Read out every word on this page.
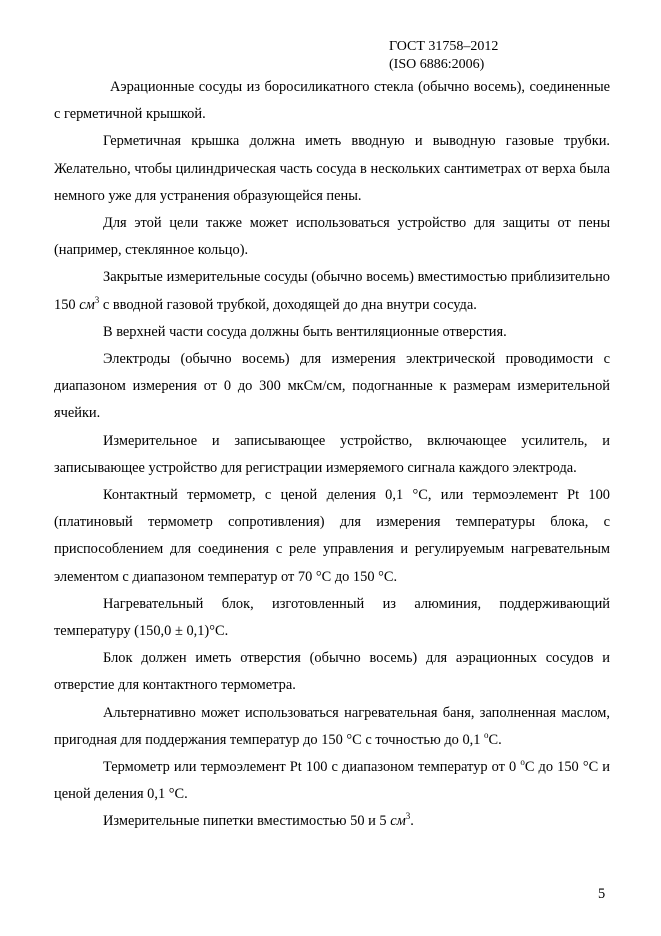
ГОСТ 31758–2012
(ISO 6886:2006)

Аэрационные сосуды из боросиликатного стекла (обычно восемь), соединенные с герметичной крышкой.

Герметичная крышка должна иметь вводную и выводную газовые трубки. Желательно, чтобы цилиндрическая часть сосуда в нескольких сантиметрах от верха была немного уже для устранения образующейся пены.

Для этой цели также может использоваться устройство для защиты от пены (например, стеклянное кольцо).

Закрытые измерительные сосуды (обычно восемь) вместимостью приблизительно 150 $см^3$ с вводной газовой трубкой, доходящей до дна внутри сосуда.

В верхней части сосуда должны быть вентиляционные отверстия.

Электроды (обычно восемь) для измерения электрической проводимости с диапазоном измерения от 0 до 300 мкСм/см, подогнанные к размерам измерительной ячейки.

Измерительное и записывающее устройство, включающее усилитель, и записывающее устройство для регистрации измеряемого сигнала каждого электрода.

Контактный термометр, с ценой деления 0,1 °С, или термоэлемент Pt 100 (платиновый термометр сопротивления) для измерения температуры блока, с приспособлением для соединения с реле управления и регулируемым нагревательным элементом с диапазоном температур от 70 °С до 150 °С.

Нагревательный блок, изготовленный из алюминия, поддерживающий температуру (150,0 ± 0,1)°С.

Блок должен иметь отверстия (обычно восемь) для аэрационных сосудов и отверстие для контактного термометра.

Альтернативно может использоваться нагревательная баня, заполненная маслом, пригодная для поддержания температур до 150 °С с точностью до 0,1 $^о$С.

Термометр или термоэлемент Pt 100 с диапазоном температур от 0 $^о$С до 150 °С и ценой деления 0,1 °С.

Измерительные пипетки вместимостью 50 и 5 $см^3$.

5
